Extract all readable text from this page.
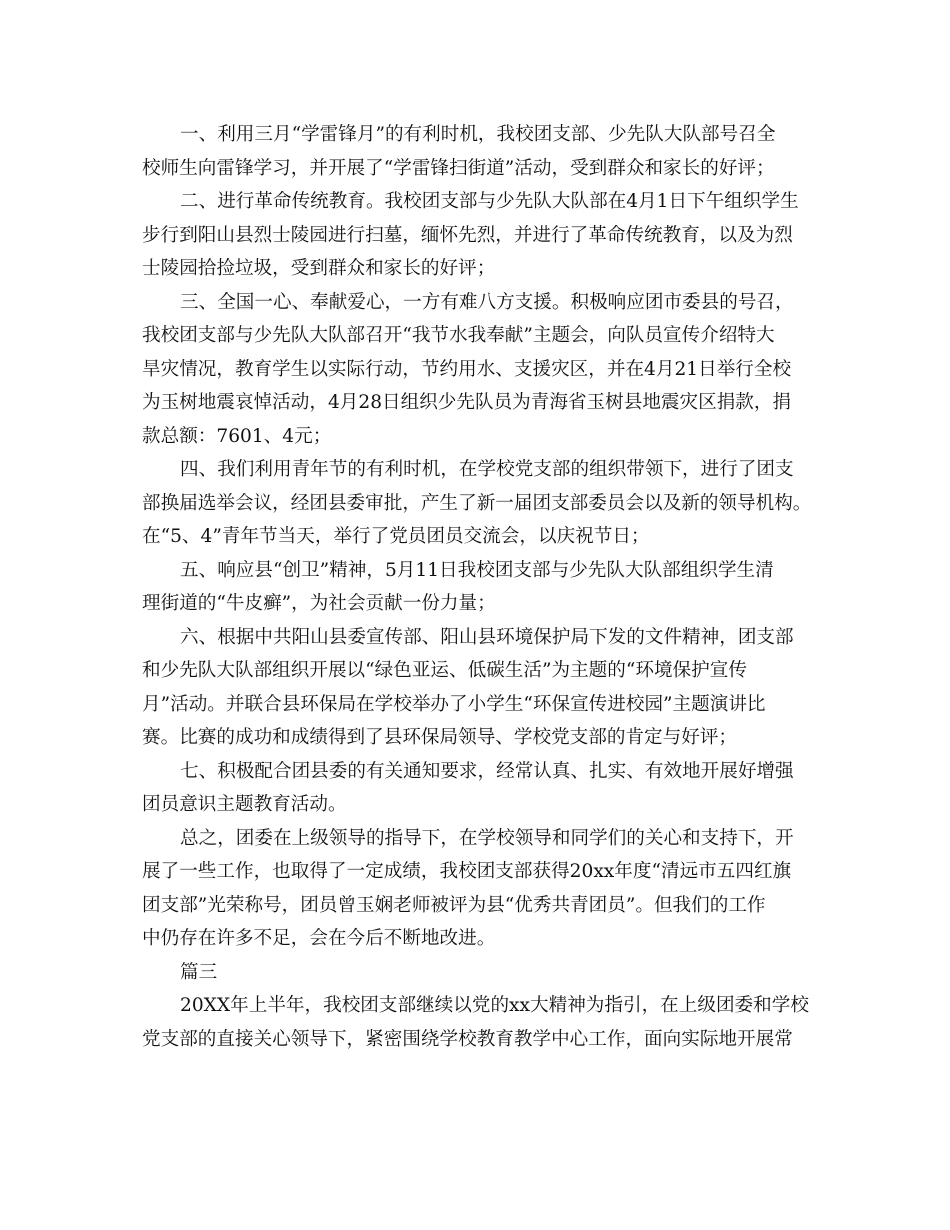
一、利用三月“学雷锋月”的有利时机，我校团支部、少先队大队部号召全
校师生向雷锋学习，并开展了“学雷锋扫街道”活动，受到群众和家长的好评；
二、进行革命传统教育。我校团支部与少先队大队部在4月1日下午组织学生
步行到阳山县烈士陵园进行扫墓，缅怀先烈，并进行了革命传统教育，以及为烈
士陵园拾捡垃圾，受到群众和家长的好评；
三、全国一心、奉献爱心，一方有难八方支援。积极响应团市委县的号召，
我校团支部与少先队大队部召开“我节水我奉献”主题会，向队员宣传介绍特大
旱灾情况，教育学生以实际行动，节约用水、支援灾区，并在4月21日举行全校
为玉树地震哀悼活动，4月28日组织少先队员为青海省玉树县地震灾区捐款，捐
款总额：7601、4元；
四、我们利用青年节的有利时机，在学校党支部的组织带领下，进行了团支
部换届选举会议，经团县委审批，产生了新一届团支部委员会以及新的领导机构。
在“5、4”青年节当天，举行了党员团员交流会，以庆祝节日；
五、响应县“创卫”精神，5月11日我校团支部与少先队大队部组织学生清
理街道的“牛皮癣”，为社会贡献一份力量；
六、根据中共阳山县委宣传部、阳山县环境保护局下发的文件精神，团支部
和少先队大队部组织开展以“绿色亚运、低碳生活”为主题的“环境保护宣传
月”活动。并联合县环保局在学校举办了小学生“环保宣传进校园”主题演讲比
赛。比赛的成功和成绩得到了县环保局领导、学校党支部的肯定与好评；
七、积极配合团县委的有关通知要求，经常认真、扎实、有效地开展好增强
团员意识主题教育活动。
总之，团委在上级领导的指导下，在学校领导和同学们的关心和支持下，开
展了一些工作，也取得了一定成绩，我校团支部获得20xx年度“清远市五四红旗
团支部”光荣称号，团员曾玉娴老师被评为县“优秀共青团员”。但我们的工作
中仍存在许多不足，会在今后不断地改进。
篇三
20XX年上半年，我校团支部继续以党的xx大精神为指引，在上级团委和学校
党支部的直接关心领导下，紧密围绕学校教育教学中心工作，面向实际地开展常
